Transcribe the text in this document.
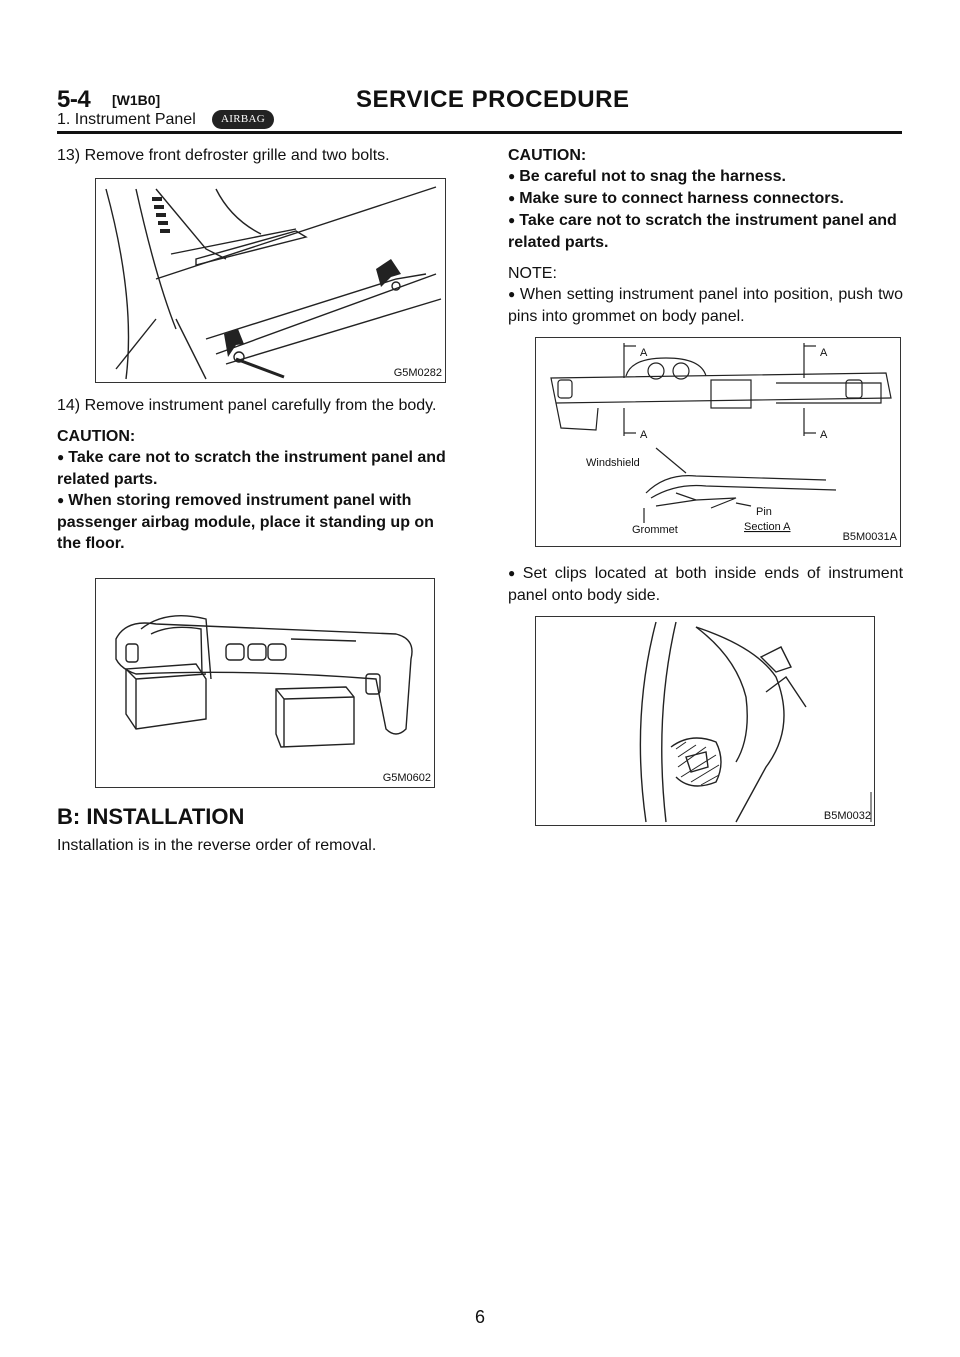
5-4 [W1B0]	SERVICE PROCEDURE
1. Instrument Panel	AIRBAG

13) Remove front defroster grille and two bolts.

G5M0282

14) Remove instrument panel carefully from the body.

CAUTION:

● Take care not to scratch the instrument panel and related parts.

● When storing removed instrument panel with passenger airbag module, place it standing up on the floor.

G5M0602

B: INSTALLATION

Installation is in the reverse order of removal.

CAUTION:

● Be careful not to snag the harness.

● Make sure to connect harness connectors.

● Take care not to scratch the instrument panel and related parts.

NOTE:

● When setting instrument panel into position, push two pins into grommet on body panel.

A	A
A	A
Windshield
Pin
Grommet	Section A
B5M0031A

● Set clips located at both inside ends of instrument panel onto body side.

B5M0032
6
